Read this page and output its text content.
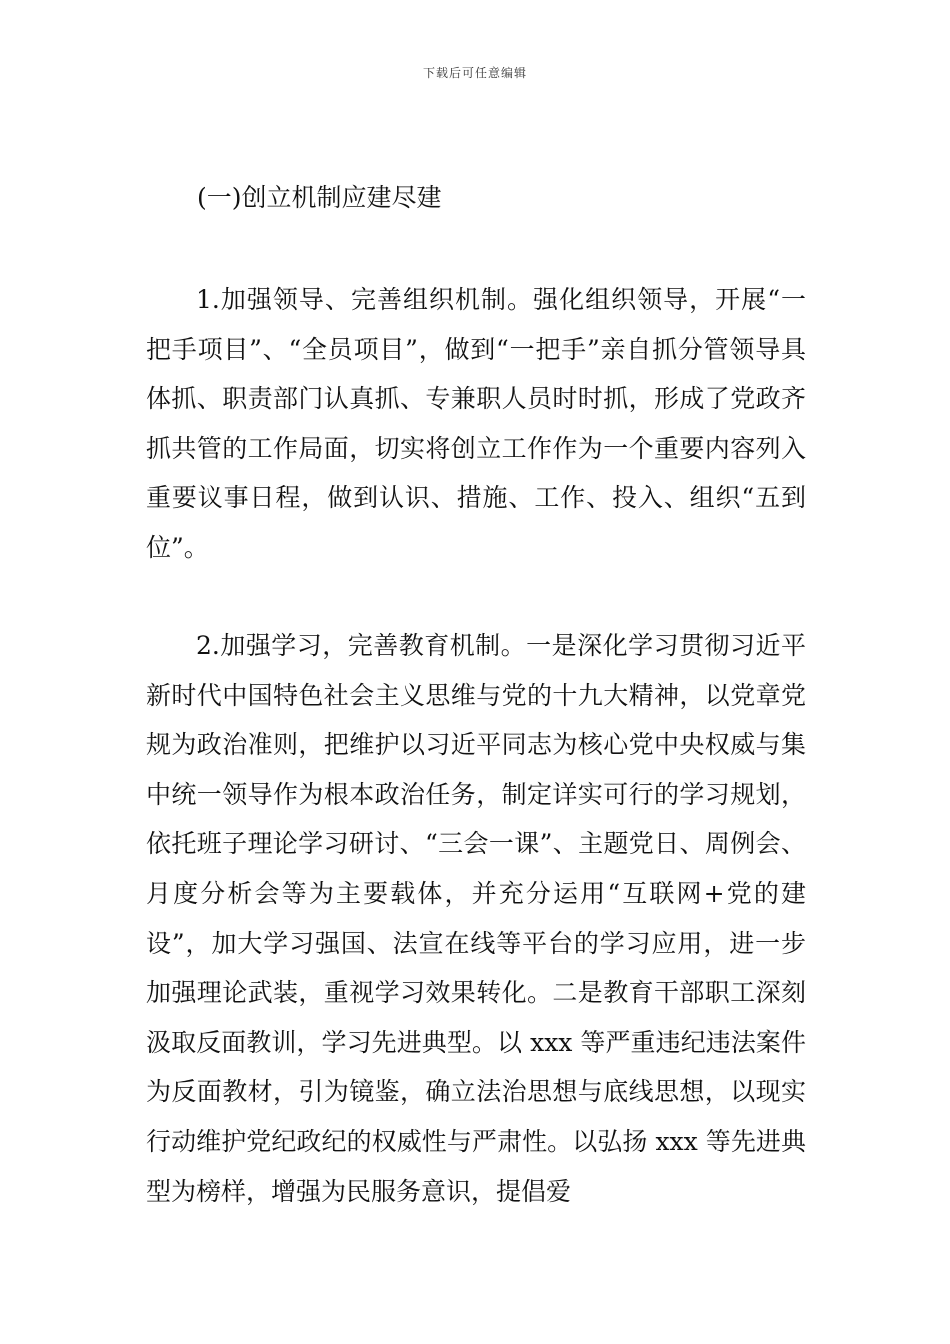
下载后可任意编辑
(一)创立机制应建尽建

1.加强领导、完善组织机制。强化组织领导，开展“一把手项目”、“全员项目”，做到“一把手”亲自抓分管领导具体抓、职责部门认真抓、专兼职人员时时抓，形成了党政齐抓共管的工作局面，切实将创立工作作为一个重要内容列入重要议事日程，做到认识、措施、工作、投入、组织“五到位”。

2.加强学习，完善教育机制。一是深化学习贯彻习近平新时代中国特色社会主义思维与党的十九大精神，以党章党规为政治准则，把维护以习近平同志为核心党中央权威与集中统一领导作为根本政治任务，制定详实可行的学习规划，依托班子理论学习研讨、“三会一课”、主题党日、周例会、月度分析会等为主要载体，并充分运用“互联网+党的建设”，加大学习强国、法宣在线等平台的学习应用，进一步加强理论武装，重视学习效果转化。二是教育干部职工深刻汲取反面教训，学习先进典型。以 xxx 等严重违纪违法案件为反面教材，引为镜鉴，确立法治思想与底线思想，以现实行动维护党纪政纪的权威性与严肃性。以弘扬 xxx 等先进典型为榜样，增强为民服务意识，提倡爱
